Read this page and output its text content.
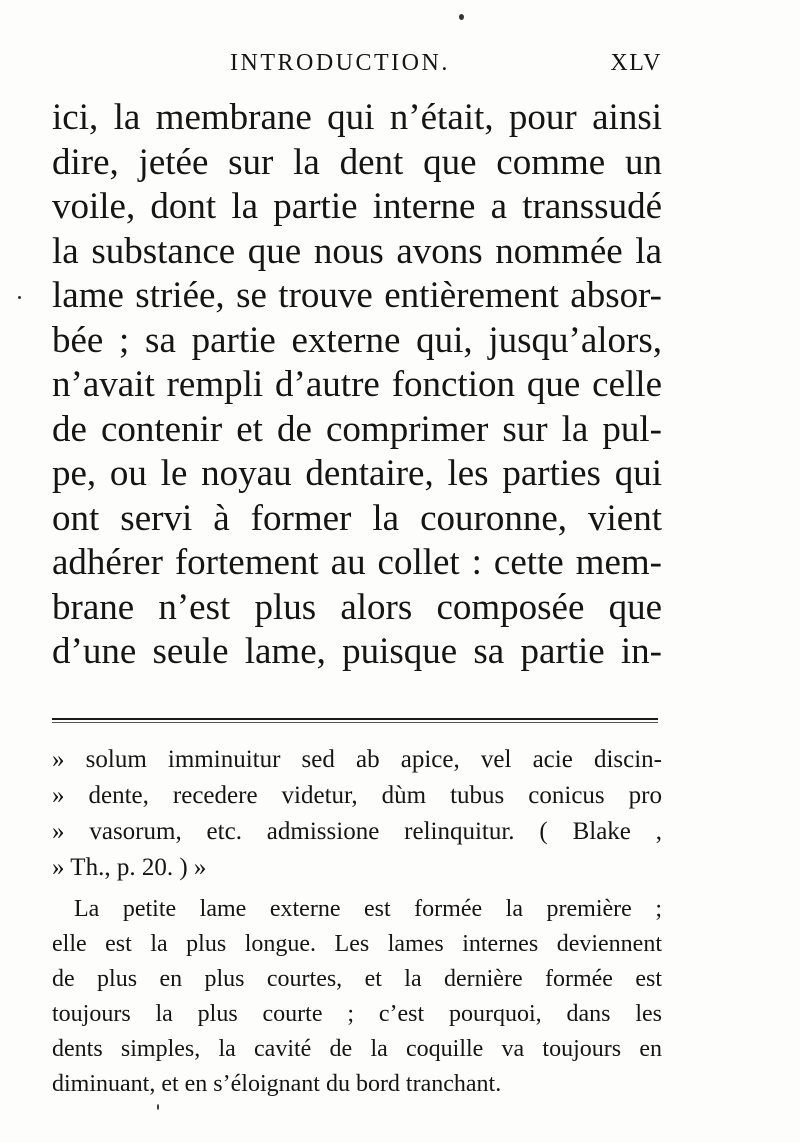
INTRODUCTION.	XLV
ici, la membrane qui n’était, pour ainsi
dire, jetée sur la dent que comme un
voile, dont la partie interne a transsudé
la substance que nous avons nommée la
lame striée, se trouve entièrement absor-
bée ; sa partie externe qui, jusqu’alors,
n’avait rempli d’autre fonction que celle
de contenir et de comprimer sur la pul-
pe, ou le noyau dentaire, les parties qui
ont servi à former la couronne, vient
adhérer fortement au collet : cette mem-
brane n’est plus alors composée que
d’une seule lame, puisque sa partie in-
» solum imminuitur sed ab apice, vel acie discin-
» dente, recedere videtur, dùm tubus conicus pro
» vasorum, etc. admissione relinquitur. ( Blake ,
» Th., p. 20. ) »
La petite lame externe est formée la première ;
elle est la plus longue. Les lames internes deviennent
de plus en plus courtes, et la dernière formée est
toujours la plus courte ; c’est pourquoi, dans les
dents simples, la cavité de la coquille va toujours en
diminuant, et en s’éloignant du bord tranchant.
